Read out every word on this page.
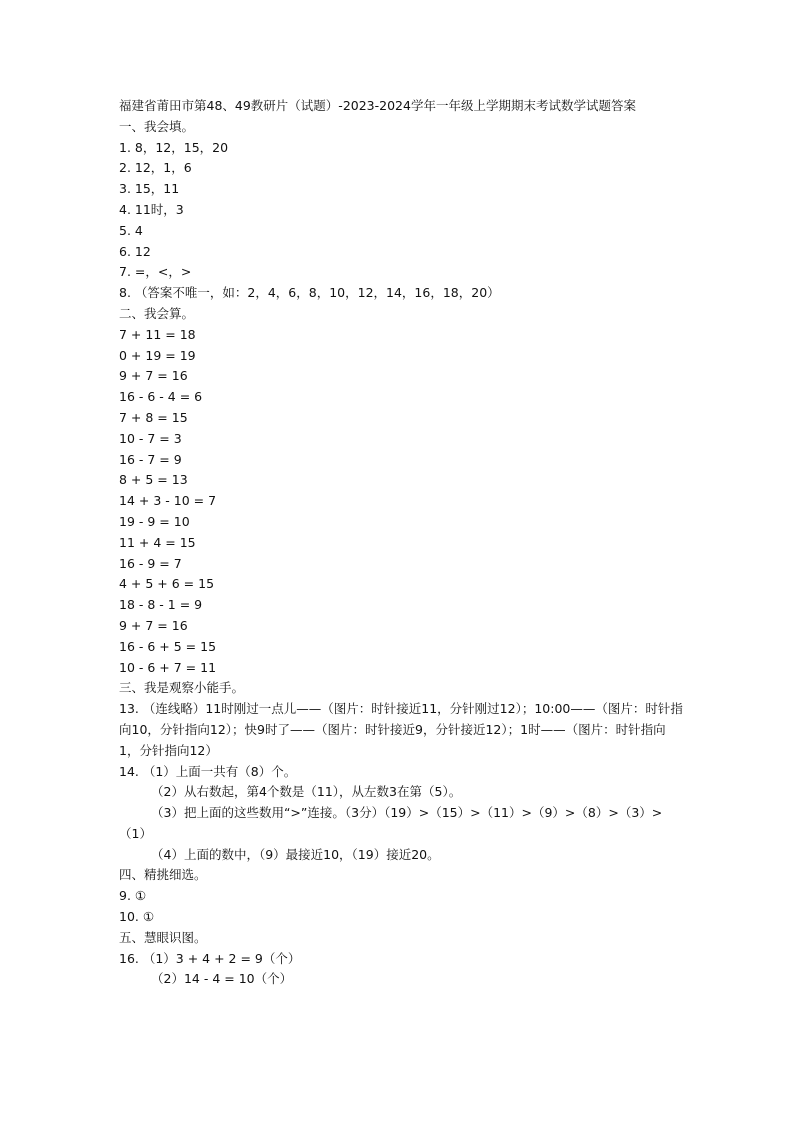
福建省莆田市第48、49教研片（试题）-2023-2024学年一年级上学期期末考试数学试题答案
一、我会填。
1. 8，12，15，20
2. 12，1，6
3. 15，11
4. 11时，3
5. 4
6. 12
7. =，<，>
8. （答案不唯一，如：2，4，6，8，10，12，14，16，18，20）
二、我会算。
7 + 11 = 18
0 + 19 = 19
9 + 7 = 16
16 - 6 - 4 = 6
7 + 8 = 15
10 - 7 = 3
16 - 7 = 9
8 + 5 = 13
14 + 3 - 10 = 7
19 - 9 = 10
11 + 4 = 15
16 - 9 = 7
4 + 5 + 6 = 15
18 - 8 - 1 = 9
9 + 7 = 16
16 - 6 + 5 = 15
10 - 6 + 7 = 11
三、我是观察小能手。
13. （连线略）11时刚过一点儿——（图片：时针接近11，分针刚过12）；10:00——（图片：时针指向10，分针指向12）；快9时了——（图片：时针接近9，分针接近12）；1时——（图片：时针指向1，分针指向12）
14. （1）上面一共有（8）个。
（2）从右数起，第4个数是（11），从左数3在第（5）。
（3）把上面的这些数用“>”连接。（3分）（19）>（15）>（11）>（9）>（8）>（3）>（1）
（4）上面的数中，（9）最接近10，（19）接近20。
四、精挑细选。
9. ①
10. ①
五、慧眼识图。
16. （1）3 + 4 + 2 = 9（个）
（2）14 - 4 = 10（个）
